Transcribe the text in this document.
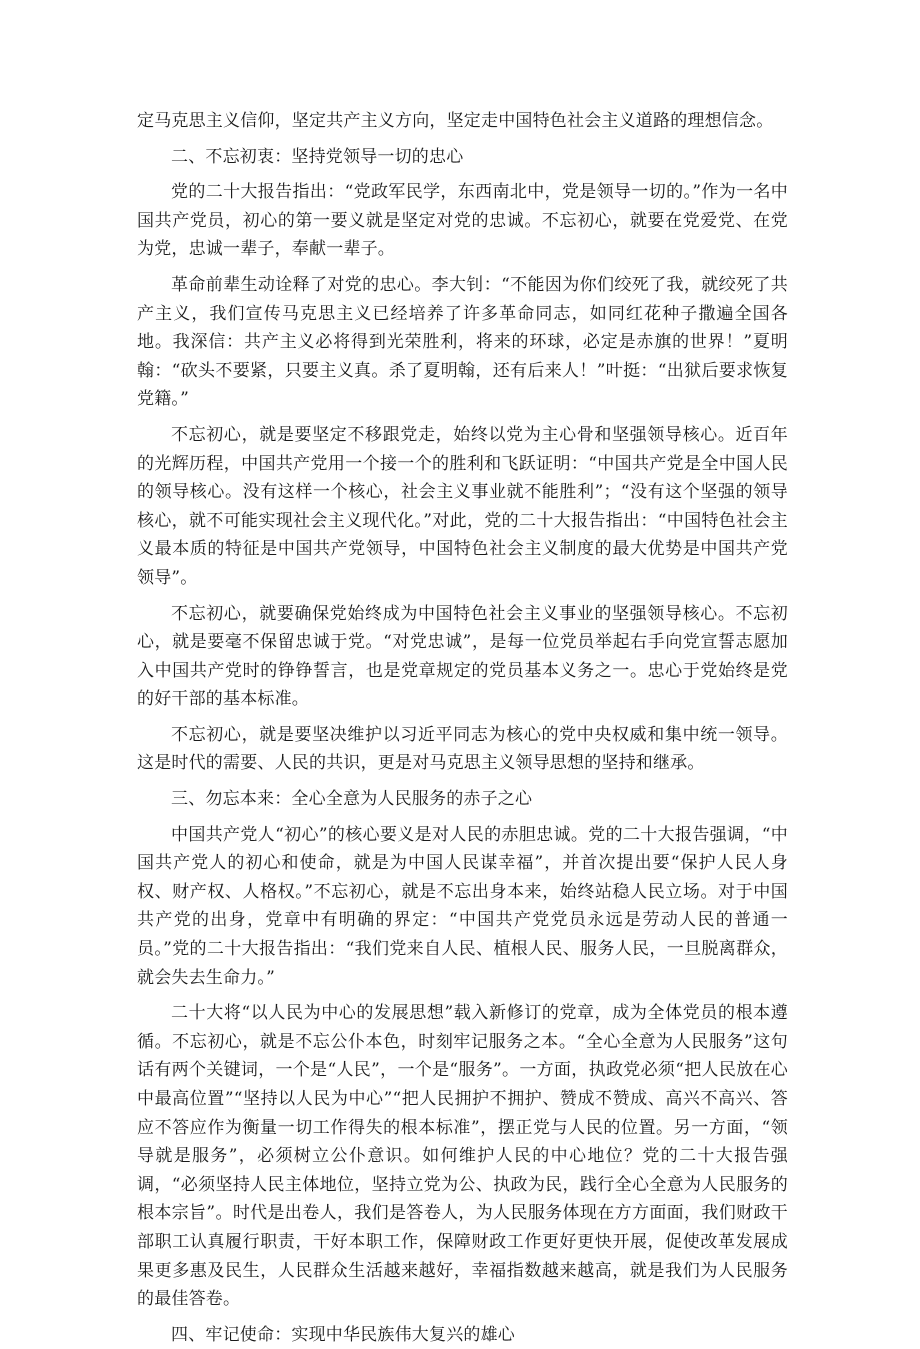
定马克思主义信仰，坚定共产主义方向，坚定走中国特色社会主义道路的理想信念。

二、不忘初衷：坚持党领导一切的忠心

党的二十大报告指出：“党政军民学，东西南北中，党是领导一切的。”作为一名中国共产党员，初心的第一要义就是坚定对党的忠诚。不忘初心，就要在党爱党、在党为党，忠诚一辈子，奉献一辈子。

革命前辈生动诠释了对党的忠心。李大钊：“不能因为你们绞死了我，就绞死了共产主义，我们宣传马克思主义已经培养了许多革命同志，如同红花种子撒遍全国各地。我深信：共产主义必将得到光荣胜利，将来的环球，必定是赤旗的世界！”夏明翰：“砍头不要紧，只要主义真。杀了夏明翰，还有后来人！”叶挺：“出狱后要求恢复党籍。”

不忘初心，就是要坚定不移跟党走，始终以党为主心骨和坚强领导核心。近百年的光辉历程，中国共产党用一个接一个的胜利和飞跃证明：“中国共产党是全中国人民的领导核心。没有这样一个核心，社会主义事业就不能胜利”；“没有这个坚强的领导核心，就不可能实现社会主义现代化。”对此，党的二十大报告指出：“中国特色社会主义最本质的特征是中国共产党领导，中国特色社会主义制度的最大优势是中国共产党领导”。

不忘初心，就要确保党始终成为中国特色社会主义事业的坚强领导核心。不忘初心，就是要毫不保留忠诚于党。“对党忠诚”，是每一位党员举起右手向党宣誓志愿加入中国共产党时的铮铮誓言，也是党章规定的党员基本义务之一。忠心于党始终是党的好干部的基本标准。

不忘初心，就是要坚决维护以习近平同志为核心的党中央权威和集中统一领导。这是时代的需要、人民的共识，更是对马克思主义领导思想的坚持和继承。

三、勿忘本来：全心全意为人民服务的赤子之心

中国共产党人“初心”的核心要义是对人民的赤胆忠诚。党的二十大报告强调，“中国共产党人的初心和使命，就是为中国人民谋幸福”，并首次提出要“保护人民人身权、财产权、人格权。”不忘初心，就是不忘出身本来，始终站稳人民立场。对于中国共产党的出身，党章中有明确的界定：“中国共产党党员永远是劳动人民的普通一员。”党的二十大报告指出：“我们党来自人民、植根人民、服务人民，一旦脱离群众，就会失去生命力。”

二十大将“以人民为中心的发展思想”载入新修订的党章，成为全体党员的根本遵循。不忘初心，就是不忘公仆本色，时刻牢记服务之本。“全心全意为人民服务”这句话有两个关键词，一个是“人民”，一个是“服务”。一方面，执政党必须“把人民放在心中最高位置”“坚持以人民为中心”“把人民拥护不拥护、赞成不赞成、高兴不高兴、答应不答应作为衡量一切工作得失的根本标准”，摆正党与人民的位置。另一方面，“领导就是服务”，必须树立公仆意识。如何维护人民的中心地位？党的二十大报告强调，“必须坚持人民主体地位，坚持立党为公、执政为民，践行全心全意为人民服务的根本宗旨”。时代是出卷人，我们是答卷人，为人民服务体现在方方面面，我们财政干部职工认真履行职责，干好本职工作，保障财政工作更好更快开展，促使改革发展成果更多惠及民生，人民群众生活越来越好，幸福指数越来越高，就是我们为人民服务的最佳答卷。

四、牢记使命：实现中华民族伟大复兴的雄心
